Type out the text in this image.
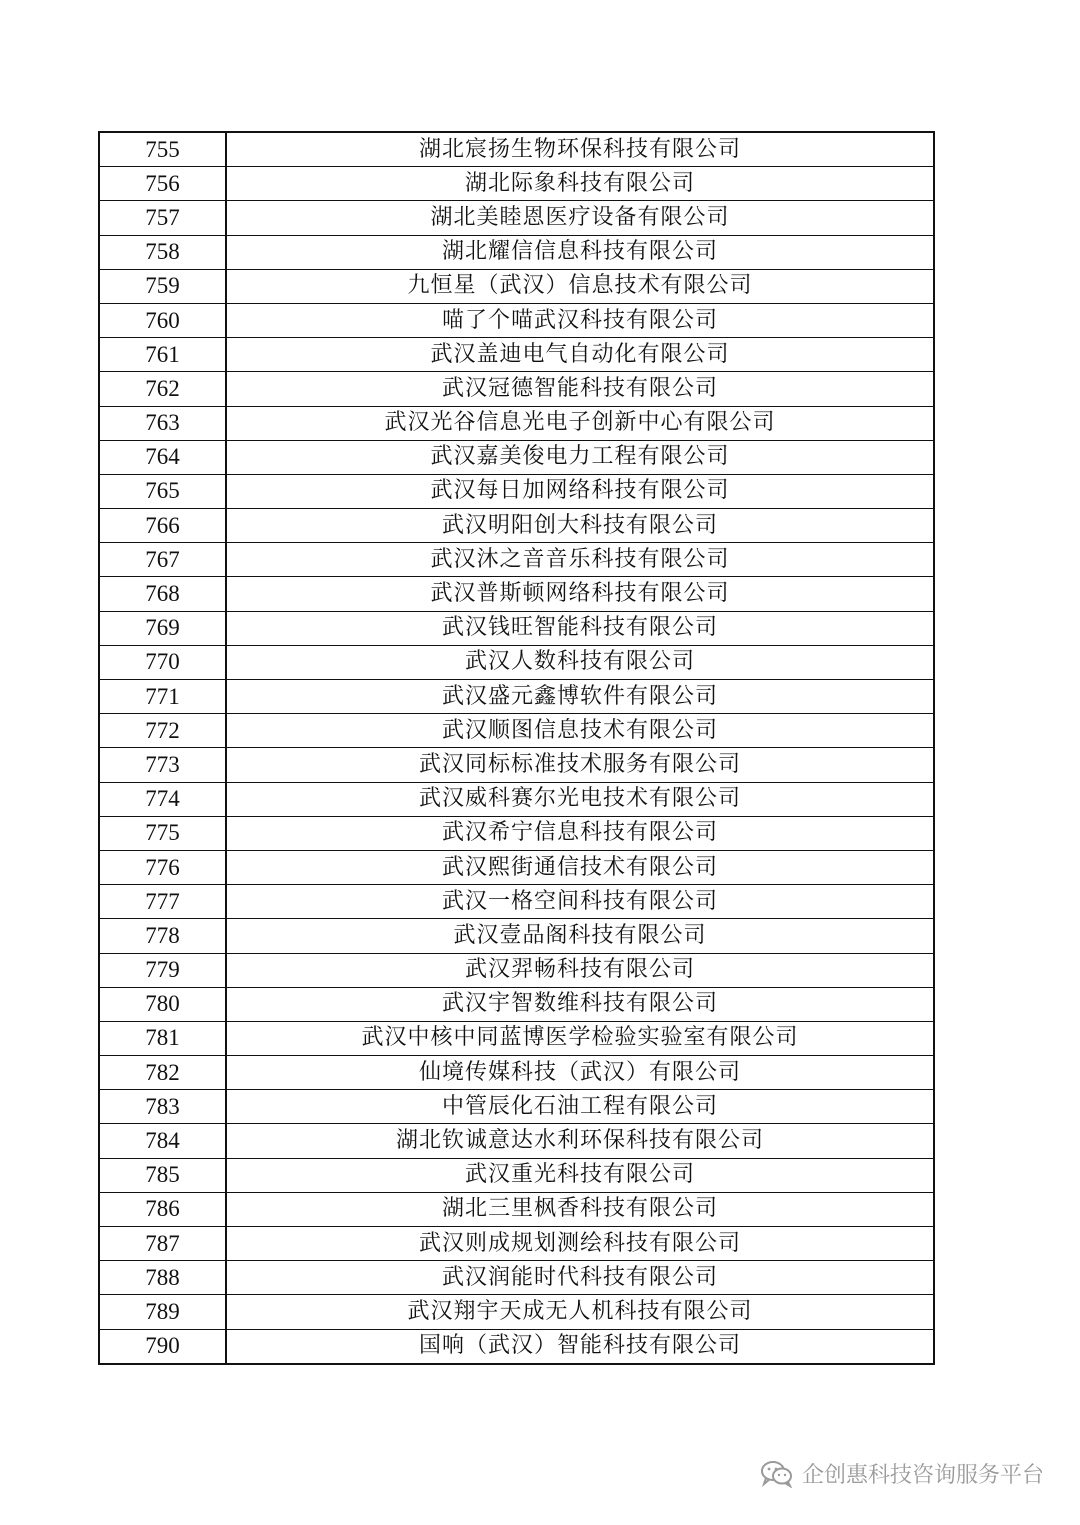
755	湖北宸扬生物环保科技有限公司
756	湖北际象科技有限公司
757	湖北美睦恩医疗设备有限公司
758	湖北耀信信息科技有限公司
759	九恒星（武汉）信息技术有限公司
760	喵了个喵武汉科技有限公司
761	武汉盖迪电气自动化有限公司
762	武汉冠德智能科技有限公司
763	武汉光谷信息光电子创新中心有限公司
764	武汉嘉美俊电力工程有限公司
765	武汉每日加网络科技有限公司
766	武汉明阳创大科技有限公司
767	武汉沐之音音乐科技有限公司
768	武汉普斯顿网络科技有限公司
769	武汉钱旺智能科技有限公司
770	武汉人数科技有限公司
771	武汉盛元鑫博软件有限公司
772	武汉顺图信息技术有限公司
773	武汉同标标准技术服务有限公司
774	武汉威科赛尔光电技术有限公司
775	武汉希宁信息科技有限公司
776	武汉熙街通信技术有限公司
777	武汉一格空间科技有限公司
778	武汉壹品阁科技有限公司
779	武汉羿畅科技有限公司
780	武汉宇智数维科技有限公司
781	武汉中核中同蓝博医学检验实验室有限公司
782	仙境传媒科技（武汉）有限公司
783	中管辰化石油工程有限公司
784	湖北钦诚意达水利环保科技有限公司
785	武汉重光科技有限公司
786	湖北三里枫香科技有限公司
787	武汉则成规划测绘科技有限公司
788	武汉润能时代科技有限公司
789	武汉翔宇天成无人机科技有限公司
790	国响（武汉）智能科技有限公司
企创惠科技咨询服务平台
